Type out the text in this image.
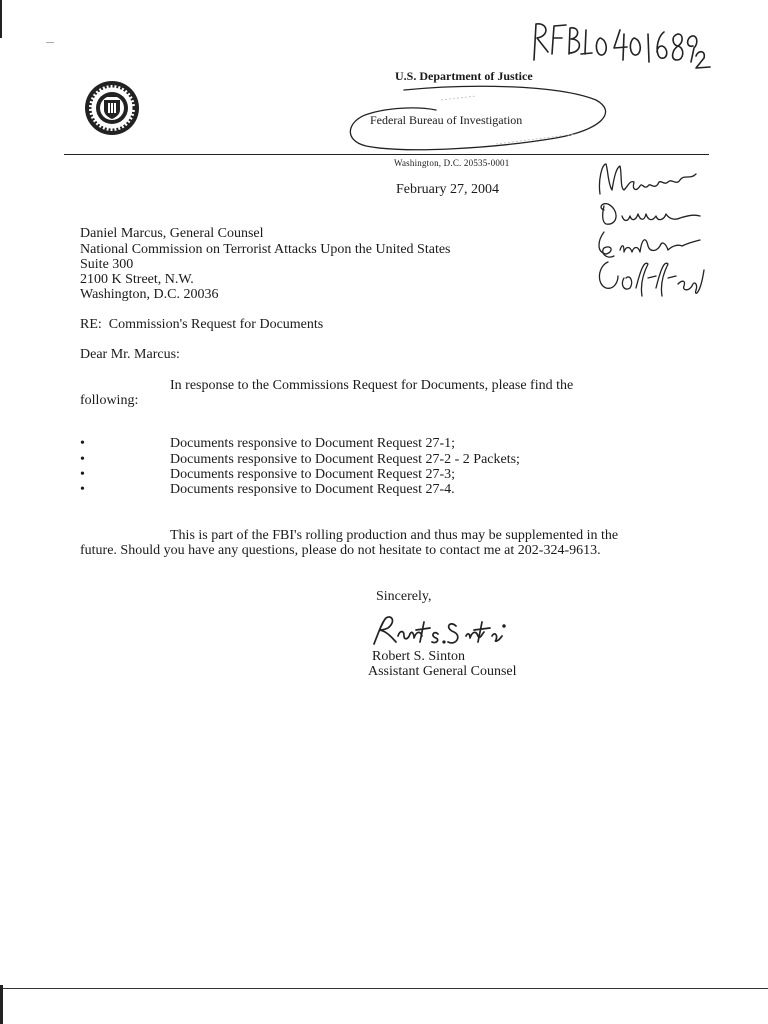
U.S. Department of Justice
Federal Bureau of Investigation
Washington, D.C. 20535-0001
February 27, 2004
Daniel Marcus, General Counsel
National Commission on Terrorist Attacks Upon the United States
Suite 300
2100 K Street, N.W.
Washington, D.C. 20036
RE:  Commission's Request for Documents
Dear Mr. Marcus:
In response to the Commissions Request for Documents, please find the
following:
•	Documents responsive to Document Request 27-1;
•	Documents responsive to Document Request 27-2 - 2 Packets;
•	Documents responsive to Document Request 27-3;
•	Documents responsive to Document Request 27-4.
This is part of the FBI's rolling production and thus may be supplemented in the
future. Should you have any questions, please do not hesitate to contact me at 202-324-9613.
Sincerely,
Robert S. Sinton
Assistant General Counsel
